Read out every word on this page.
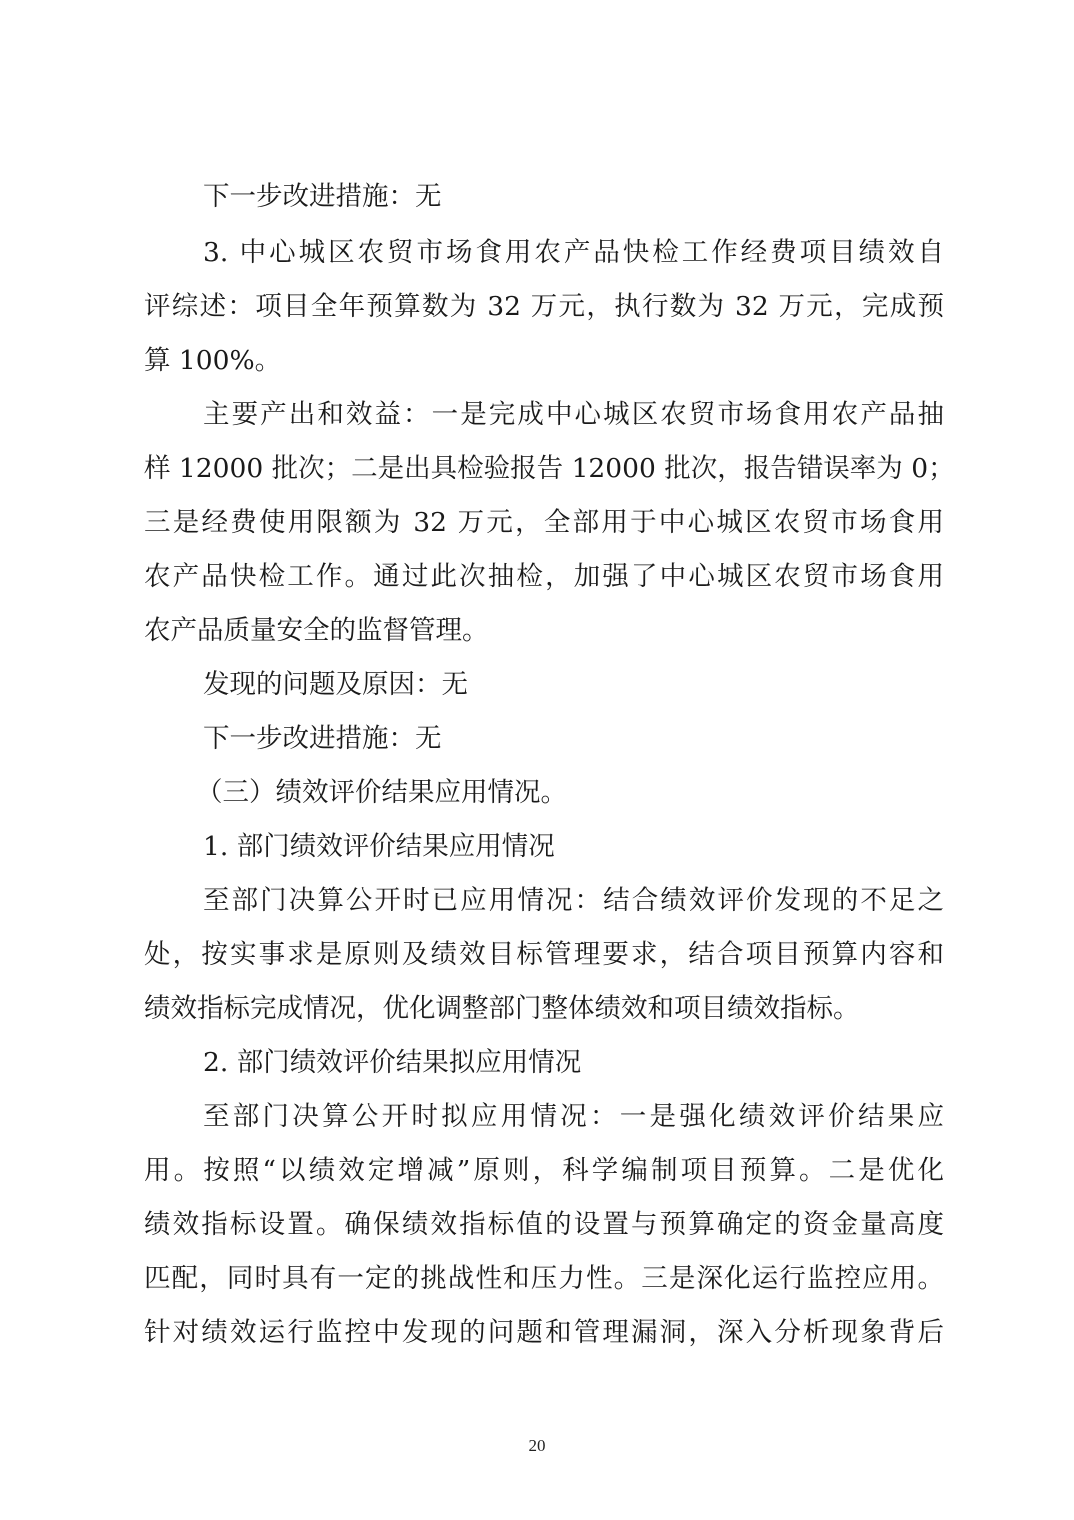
下一步改进措施：无
3. 中心城区农贸市场食用农产品快检工作经费项目绩效自
评综述：项目全年预算数为 32 万元，执行数为 32 万元，完成预
算 100%。
主要产出和效益：一是完成中心城区农贸市场食用农产品抽
样 12000 批次；二是出具检验报告 12000 批次，报告错误率为 0；
三是经费使用限额为 32 万元，全部用于中心城区农贸市场食用
农产品快检工作。通过此次抽检，加强了中心城区农贸市场食用
农产品质量安全的监督管理。
发现的问题及原因：无
下一步改进措施：无
（三）绩效评价结果应用情况。
1. 部门绩效评价结果应用情况
至部门决算公开时已应用情况：结合绩效评价发现的不足之
处，按实事求是原则及绩效目标管理要求，结合项目预算内容和
绩效指标完成情况，优化调整部门整体绩效和项目绩效指标。
2. 部门绩效评价结果拟应用情况
至部门决算公开时拟应用情况：一是强化绩效评价结果应
用。按照“以绩效定增减”原则，科学编制项目预算。二是优化
绩效指标设置。确保绩效指标值的设置与预算确定的资金量高度
匹配，同时具有一定的挑战性和压力性。三是深化运行监控应用。
针对绩效运行监控中发现的问题和管理漏洞，深入分析现象背后
20
